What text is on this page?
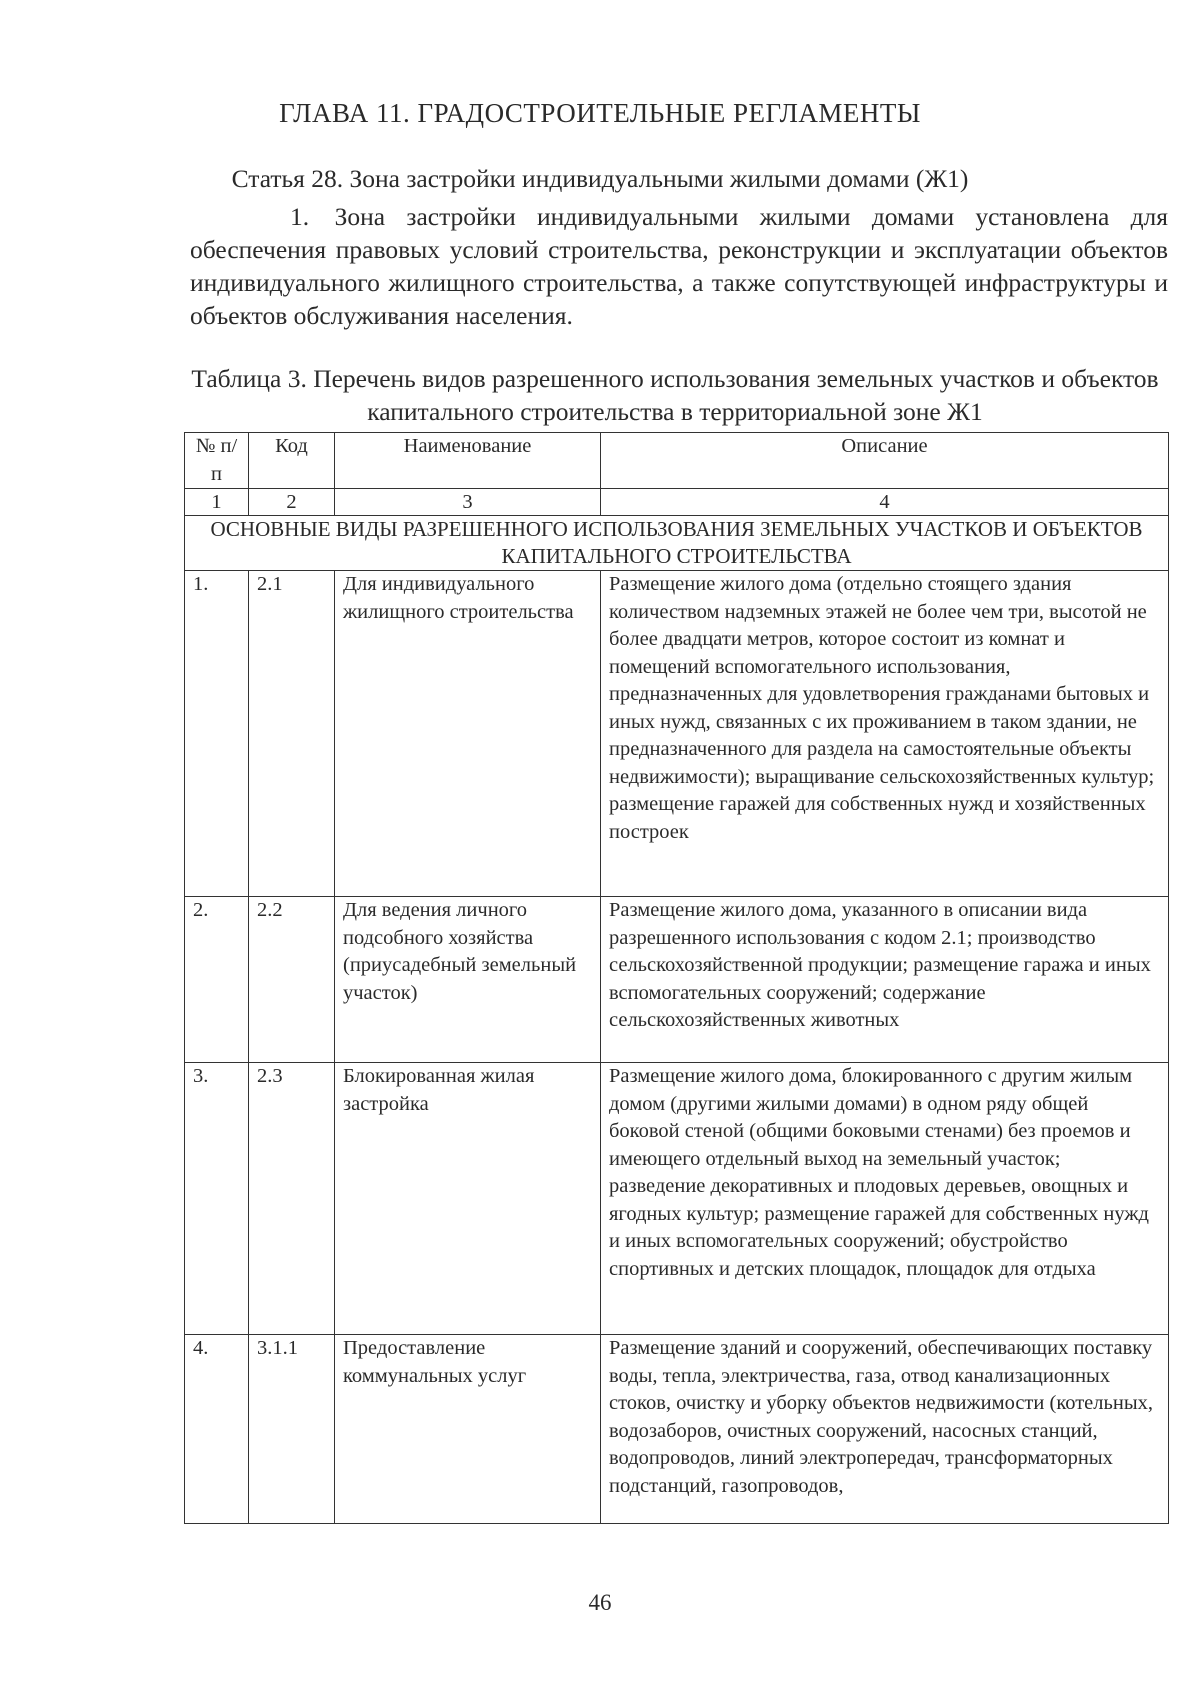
ГЛАВА 11. ГРАДОСТРОИТЕЛЬНЫЕ РЕГЛАМЕНТЫ
Статья 28. Зона застройки индивидуальными жилыми домами (Ж1)
1. Зона застройки индивидуальными жилыми домами установлена для обеспечения правовых условий строительства, реконструкции и эксплуатации объектов индивидуального жилищного строительства, а также сопутствующей инфраструктуры и объектов обслуживания населения.
Таблица 3. Перечень видов разрешенного использования земельных участков и объектов капитального строительства в территориальной зоне Ж1
№ п/п	Код	Наименование	Описание
1	2	3	4
ОСНОВНЫЕ ВИДЫ РАЗРЕШЕННОГО ИСПОЛЬЗОВАНИЯ ЗЕМЕЛЬНЫХ УЧАСТКОВ И ОБЪЕКТОВ КАПИТАЛЬНОГО СТРОИТЕЛЬСТВА			
1.	2.1	Для индивидуального жилищного строительства	Размещение жилого дома (отдельно стоящего здания количеством надземных этажей не более чем три, высотой не более двадцати метров, которое состоит из комнат и помещений вспомогательного использования, предназначенных для удовлетворения гражданами бытовых и иных нужд, связанных с их проживанием в таком здании, не предназначенного для раздела на самостоятельные объекты недвижимости); выращивание сельскохозяйственных культур; размещение гаражей для собственных нужд и хозяйственных построек
2.	2.2	Для ведения личного подсобного хозяйства (приусадебный земельный участок)	Размещение жилого дома, указанного в описании вида разрешенного использования с кодом 2.1; производство сельскохозяйственной продукции; размещение гаража и иных вспомогательных сооружений; содержание сельскохозяйственных животных
3.	2.3	Блокированная жилая застройка	Размещение жилого дома, блокированного с другим жилым домом (другими жилыми домами) в одном ряду общей боковой стеной (общими боковыми стенами) без проемов и имеющего отдельный выход на земельный участок; разведение декоративных и плодовых деревьев, овощных и ягодных культур; размещение гаражей для собственных нужд и иных вспомогательных сооружений; обустройство спортивных и детских площадок, площадок для отдыха
4.	3.1.1	Предоставление коммунальных услуг	Размещение зданий и сооружений, обеспечивающих поставку воды, тепла, электричества, газа, отвод канализационных стоков, очистку и уборку объектов недвижимости (котельных, водозаборов, очистных сооружений, насосных станций, водопроводов, линий электропередач, трансформаторных подстанций, газопроводов,
46
